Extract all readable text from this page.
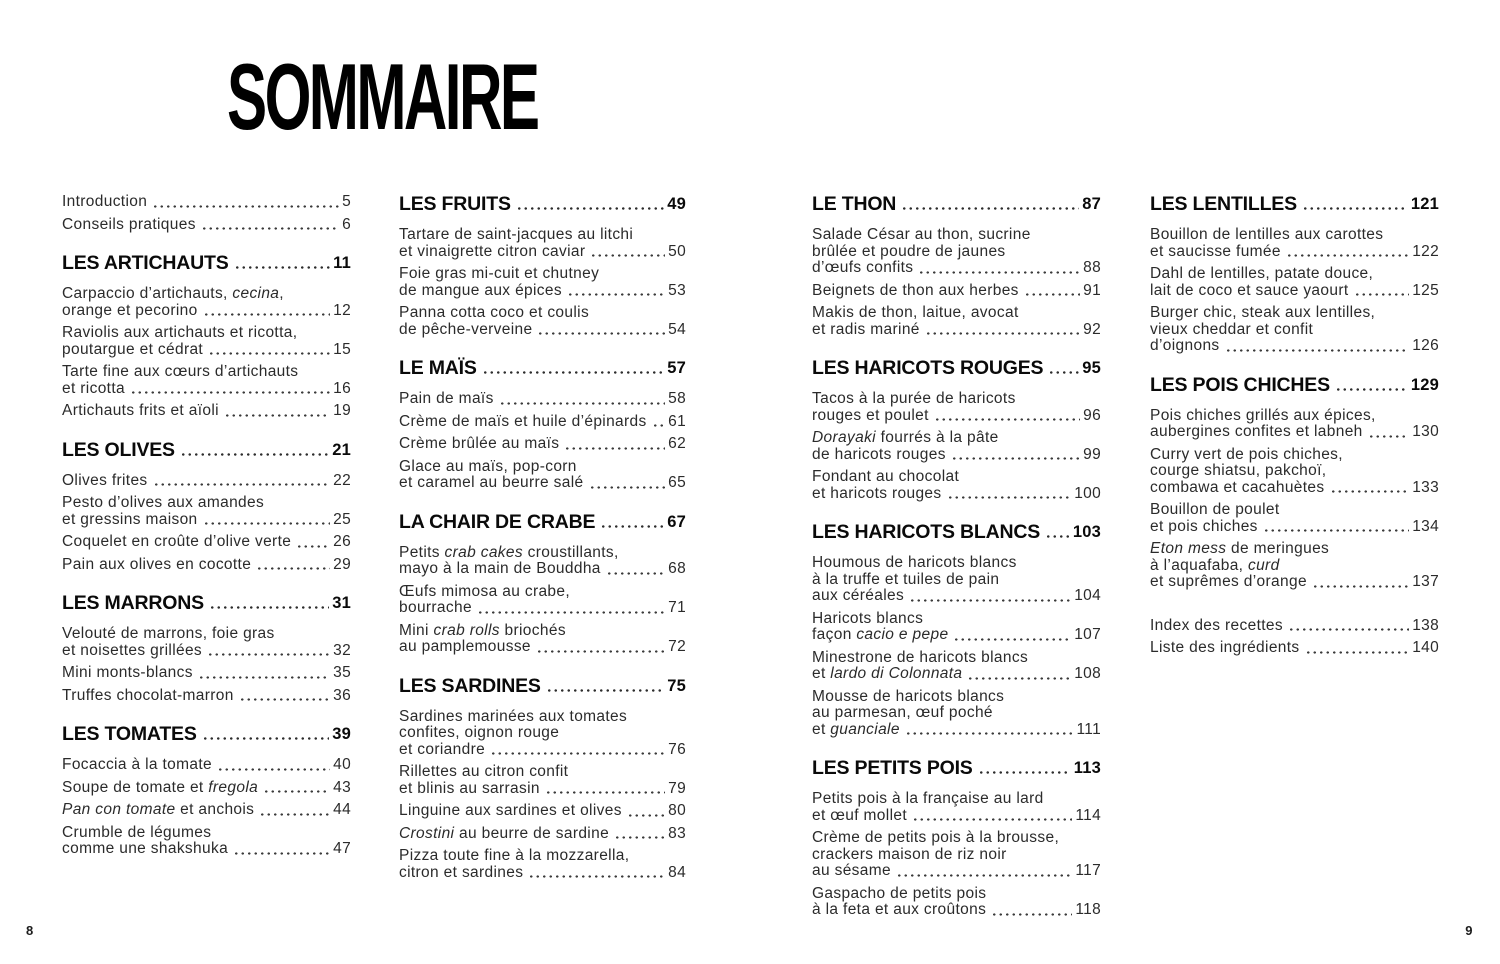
SOMMAIRE
Introduction	5
Conseils pratiques	6
LES ARTICHAUTS	11
Carpaccio d’artichauts, cecina,
orange et pecorino	12
Raviolis aux artichauts et ricotta,
poutargue et cédrat	15
Tarte fine aux cœurs d’artichauts
et ricotta	16
Artichauts frits et aïoli	19
LES OLIVES	21
Olives frites	22
Pesto d’olives aux amandes
et gressins maison	25
Coquelet en croûte d’olive verte	26
Pain aux olives en cocotte	29
LES MARRONS	31
Velouté de marrons, foie gras
et noisettes grillées	32
Mini monts-blancs	35
Truffes chocolat-marron	36
LES TOMATES	39
Focaccia à la tomate	40
Soupe de tomate et fregola	43
Pan con tomate et anchois	44
Crumble de légumes
comme une shakshuka	47
LES FRUITS	49
Tartare de saint-jacques au litchi
et vinaigrette citron caviar	50
Foie gras mi-cuit et chutney
de mangue aux épices	53
Panna cotta coco et coulis
de pêche-verveine	54
LE MAÏS	57
Pain de maïs	58
Crème de maïs et huile d’épinards 61
Crème brûlée au maïs	62
Glace au maïs, pop-corn
et caramel au beurre salé	65
LA CHAIR DE CRABE	67
Petits crab cakes croustillants,
mayo à la main de Bouddha	68
Œufs mimosa au crabe,
bourrache	71
Mini crab rolls briochés
au pamplemousse	72
LES SARDINES	75
Sardines marinées aux tomates
confites, oignon rouge
et coriandre	76
Rillettes au citron confit
et blinis au sarrasin	79
Linguine aux sardines et olives	80
Crostini au beurre de sardine	83
Pizza toute fine à la mozzarella,
citron et sardines	84
LE THON	87
Salade César au thon, sucrine
brûlée et poudre de jaunes
d’œufs confits	88
Beignets de thon aux herbes	91
Makis de thon, laitue, avocat
et radis mariné	92
LES HARICOTS ROUGES 95
Tacos à la purée de haricots
rouges et poulet	96
Dorayaki fourrés à la pâte
de haricots rouges	99
Fondant au chocolat
et haricots rouges	100
LES HARICOTS BLANCS 103
Houmous de haricots blancs
à la truffe et tuiles de pain
aux céréales	104
Haricots blancs
façon cacio e pepe	107
Minestrone de haricots blancs
et lardo di Colonnata	108
Mousse de haricots blancs
au parmesan, œuf poché
et guanciale	111
LES PETITS POIS	113
Petits pois à la française au lard
et œuf mollet	114
Crème de petits pois à la brousse,
crackers maison de riz noir
au sésame	117
Gaspacho de petits pois
à la feta et aux croûtons	118
LES LENTILLES	121
Bouillon de lentilles aux carottes
et saucisse fumée	122
Dahl de lentilles, patate douce,
lait de coco et sauce yaourt	125
Burger chic, steak aux lentilles,
vieux cheddar et confit
d’oignons	126
LES POIS CHICHES	129
Pois chiches grillés aux épices,
aubergines confites et labneh	130
Curry vert de pois chiches,
courge shiatsu, pakchoï,
combawa et cacahuètes	133
Bouillon de poulet
et pois chiches	134
Eton mess de meringues
à l’aquafaba, curd
et suprêmes d’orange	137
Index des recettes	138
Liste des ingrédients	140
8	9
